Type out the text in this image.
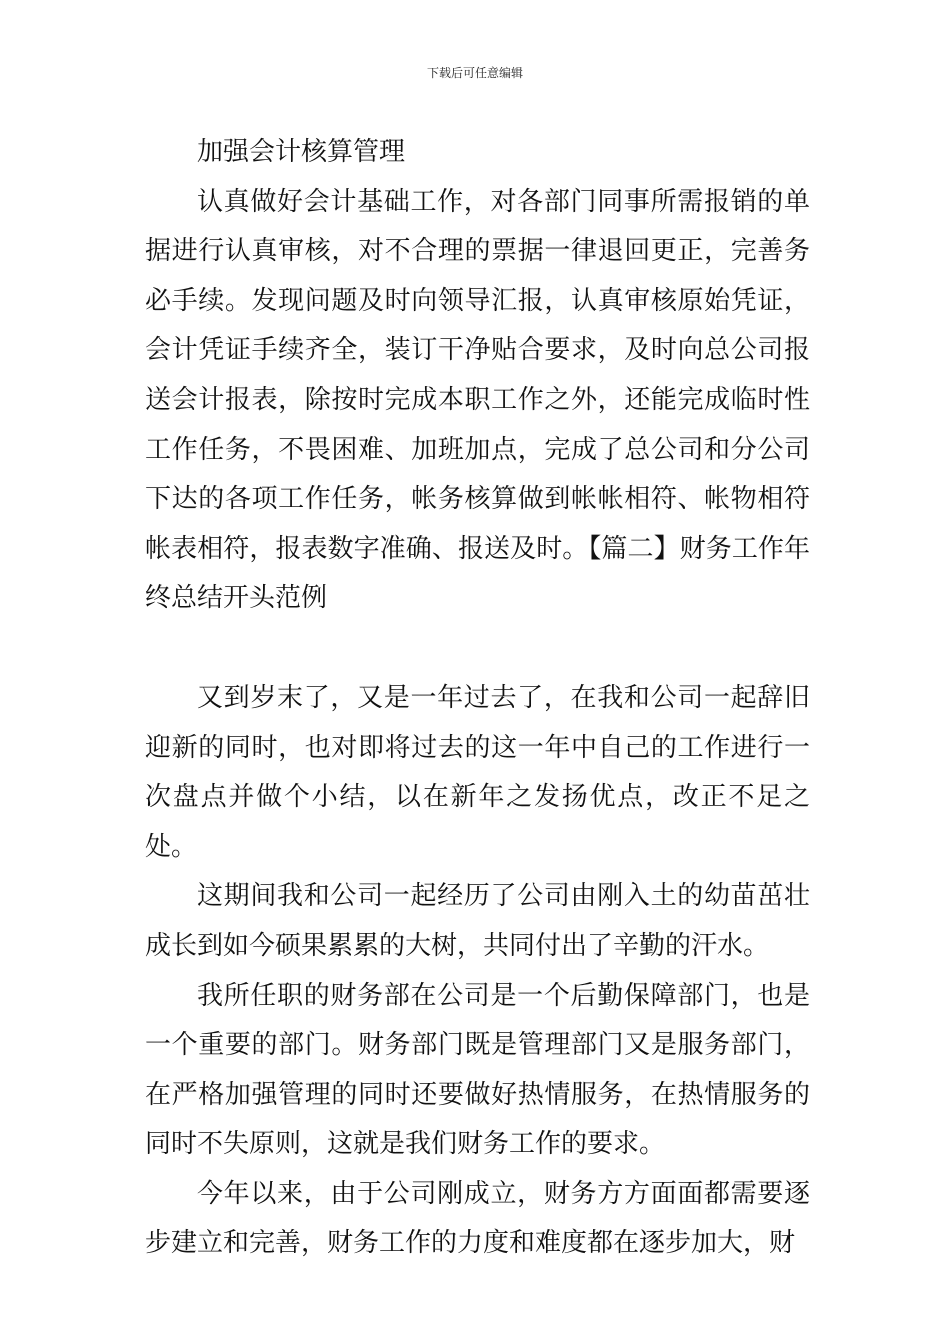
下载后可任意编辑

加强会计核算管理

认真做好会计基础工作，对各部门同事所需报销的单据进行认真审核，对不合理的票据一律退回更正，完善务必手续。发现问题及时向领导汇报，认真审核原始凭证，会计凭证手续齐全，装订干净贴合要求，及时向总公司报送会计报表，除按时完成本职工作之外，还能完成临时性工作任务，不畏困难、加班加点，完成了总公司和分公司下达的各项工作任务，帐务核算做到帐帐相符、帐物相符帐表相符，报表数字准确、报送及时。【篇二】财务工作年终总结开头范例

又到岁末了，又是一年过去了，在我和公司一起辞旧迎新的同时，也对即将过去的这一年中自己的工作进行一次盘点并做个小结，以在新年之发扬优点，改正不足之处。

这期间我和公司一起经历了公司由刚入土的幼苗茁壮成长到如今硕果累累的大树，共同付出了辛勤的汗水。

我所任职的财务部在公司是一个后勤保障部门，也是一个重要的部门。财务部门既是管理部门又是服务部门，在严格加强管理的同时还要做好热情服务，在热情服务的同时不失原则，这就是我们财务工作的要求。

今年以来，由于公司刚成立，财务方方面面都需要逐步建立和完善，财务工作的力度和难度都在逐步加大，财
